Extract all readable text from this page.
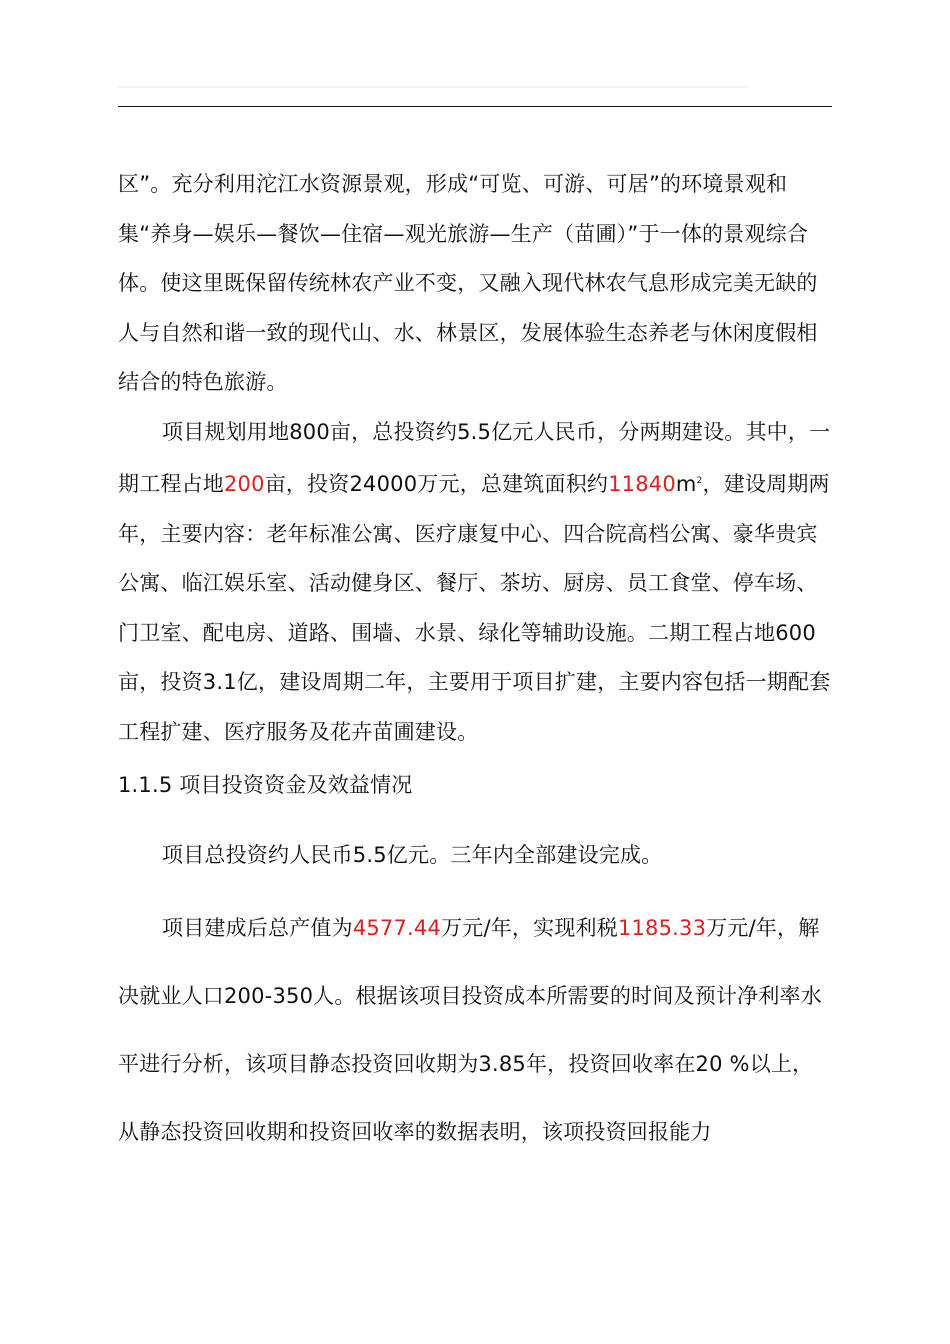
区”。充分利用沱江水资源景观，形成“可览、可游、可居”的环境景观和集“养身—娱乐—餐饮—住宿—观光旅游—生产（苗圃）”于一体的景观综合体。使这里既保留传统林农产业不变，又融入现代林农气息形成完美无缺的人与自然和谐一致的现代山、水、林景区，发展体验生态养老与休闲度假相结合的特色旅游。

项目规划用地800亩，总投资约5.5亿元人民币，分两期建设。其中，一期工程占地200亩，投资24000万元，总建筑面积约$11840m^2$，建设周期两年，主要内容：老年标准公寓、医疗康复中心、四合院高档公寓、豪华贵宾公寓、临江娱乐室、活动健身区、餐厅、茶坊、厨房、员工食堂、停车场、门卫室、配电房、道路、围墙、水景、绿化等辅助设施。二期工程占地600亩，投资3.1亿，建设周期二年，主要用于项目扩建，主要内容包括一期配套工程扩建、医疗服务及花卉苗圃建设。

1.1.5 项目投资资金及效益情况

项目总投资约人民币5.5亿元。三年内全部建设完成。

项目建成后总产值为4577.44万元/年，实现利税1185.33万元/年，解决就业人口200-350人。根据该项目投资成本所需要的时间及预计净利率水平进行分析，该项目静态投资回收期为3.85年，投资回收率在20 %以上，从静态投资回收期和投资回收率的数据表明，该项投资回报能力
